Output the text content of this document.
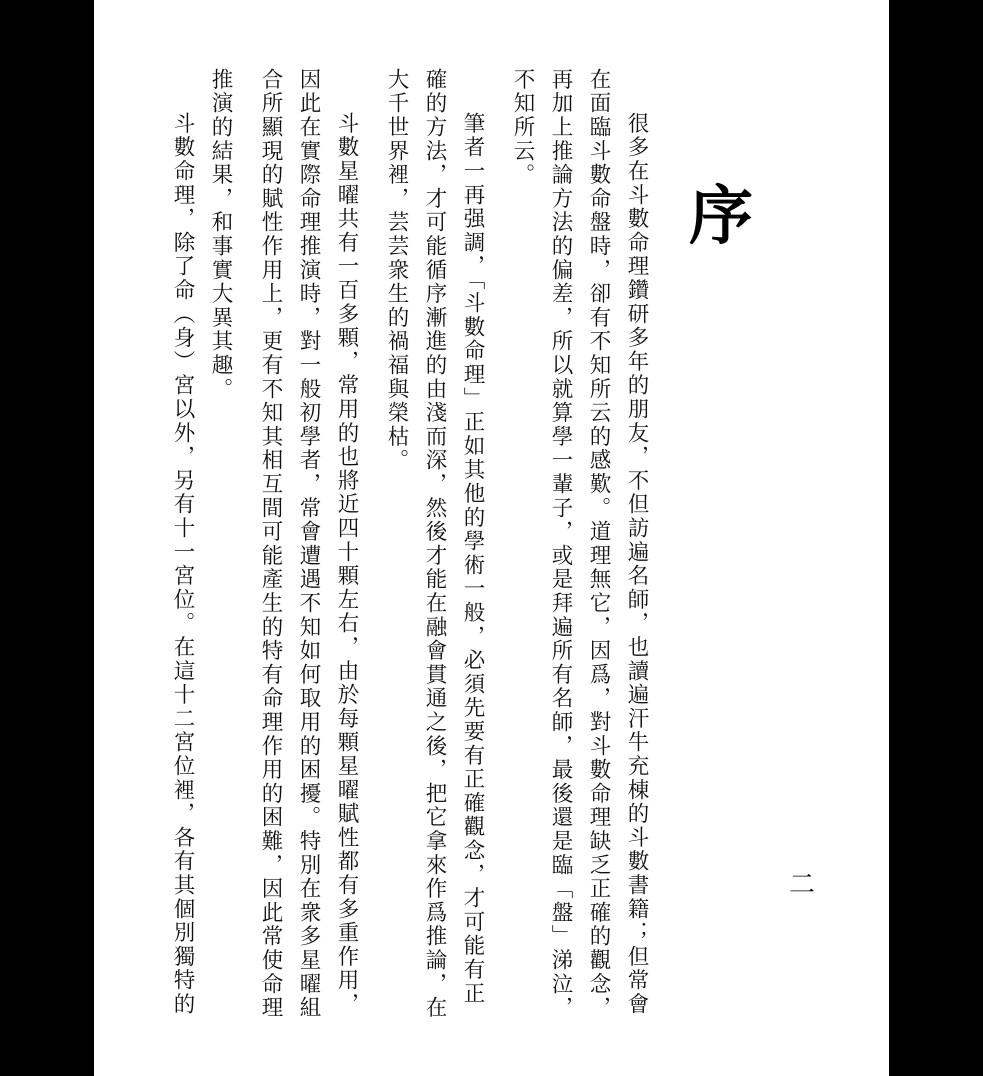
序
很多在斗數命理鑽研多年的朋友，不但訪遍名師，也讀遍汗牛充棟的斗數書籍；但常會
在面臨斗數命盤時，卻有不知所云的感歎。道理無它，因爲，對斗數命理缺乏正確的觀念，
再加上推論方法的偏差，所以就算學一輩子，或是拜遍所有名師，最後還是臨「盤」涕泣，
不知所云。
筆者一再强調，「斗數命理」正如其他的學術一般，必須先要有正確觀念，才可能有正
確的方法，才可能循序漸進的由淺而深，然後才能在融會貫通之後，把它拿來作爲推論，在
大千世界裡，芸芸衆生的禍福與榮枯。
斗數星曜共有一百多顆，常用的也將近四十顆左右，由於每顆星曜賦性都有多重作用，
因此在實際命理推演時，對一般初學者，常會遭遇不知如何取用的困擾。特別在衆多星曜組
合所顯現的賦性作用上，更有不知其相互間可能產生的特有命理作用的困難，因此常使命理
推演的結果，和事實大異其趣。
斗數命理，除了命（身）宮以外，另有十一宮位。在這十二宮位裡，各有其個別獨特的	二
